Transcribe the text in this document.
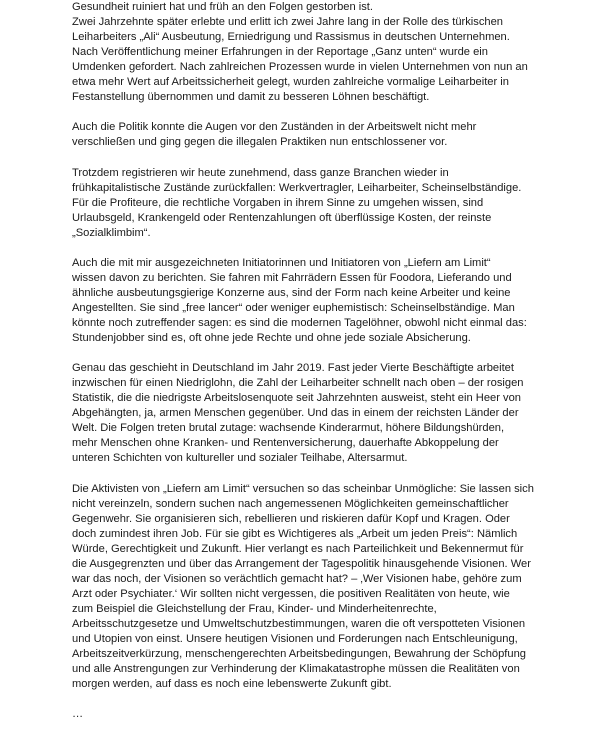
Gesundheit ruiniert hat und früh an den Folgen gestorben ist.
Zwei Jahrzehnte später erlebte und erlitt ich zwei Jahre lang in der Rolle des türkischen
Leiharbeiters „Ali“ Ausbeutung, Erniedrigung und Rassismus in deutschen Unternehmen.
Nach Veröffentlichung meiner Erfahrungen in der Reportage „Ganz unten“ wurde ein
Umdenken gefordert. Nach zahlreichen Prozessen wurde in vielen Unternehmen von nun an
etwa mehr Wert auf Arbeitssicherheit gelegt, wurden zahlreiche vormalige Leiharbeiter in
Festanstellung übernommen und damit zu besseren Löhnen beschäftigt.
Auch die Politik konnte die Augen vor den Zuständen in der Arbeitswelt nicht mehr
verschließen und ging gegen die illegalen Praktiken nun entschlossener vor.
Trotzdem registrieren wir heute zunehmend, dass ganze Branchen wieder in
frühkapitalistische Zustände zurückfallen: Werkvertragler, Leiharbeiter, Scheinselbständige.
Für die Profiteure, die rechtliche Vorgaben in ihrem Sinne zu umgehen wissen, sind
Urlaubsgeld, Krankengeld oder Rentenzahlungen oft überflüssige Kosten, der reinste
„Sozialklimbim“.
Auch die mit mir ausgezeichneten Initiatorinnen und Initiatoren von „Liefern am Limit“
wissen davon zu berichten. Sie fahren mit Fahrrädern Essen für Foodora, Lieferando und
ähnliche ausbeutungsgierige Konzerne aus, sind der Form nach keine Arbeiter und keine
Angestellten. Sie sind „free lancer“ oder weniger euphemistisch: Scheinselbständige. Man
könnte noch zutreffender sagen: es sind die modernen Tagelöhner, obwohl nicht einmal das:
Stundenjobber sind es, oft ohne jede Rechte und ohne jede soziale Absicherung.
Genau das geschieht in Deutschland im Jahr 2019. Fast jeder Vierte Beschäftigte arbeitet
inzwischen für einen Niedriglohn, die Zahl der Leiharbeiter schnellt nach oben – der rosigen
Statistik, die die niedrigste Arbeitslosenquote seit Jahrzehnten ausweist, steht ein Heer von
Abgehängten, ja, armen Menschen gegenüber. Und das in einem der reichsten Länder der
Welt. Die Folgen treten brutal zutage: wachsende Kinderarmut, höhere Bildungshürden,
mehr Menschen ohne Kranken- und Rentenversicherung, dauerhafte Abkoppelung der
unteren Schichten von kultureller und sozialer Teilhabe, Altersarmut.
Die Aktivisten von „Liefern am Limit“ versuchen so das scheinbar Unmögliche: Sie lassen sich
nicht vereinzeln, sondern suchen nach angemessenen Möglichkeiten gemeinschaftlicher
Gegenwehr. Sie organisieren sich, rebellieren und riskieren dafür Kopf und Kragen. Oder
doch zumindest ihren Job. Für sie gibt es Wichtigeres als „Arbeit um jeden Preis“: Nämlich
Würde, Gerechtigkeit und Zukunft. Hier verlangt es nach Parteilichkeit und Bekennermut für
die Ausgegrenzten und über das Arrangement der Tagespolitik hinausgehende Visionen. Wer
war das noch, der Visionen so verächtlich gemacht hat? – ‚Wer Visionen habe, gehöre zum
Arzt oder Psychiater.‘ Wir sollten nicht vergessen, die positiven Realitäten von heute, wie
zum Beispiel die Gleichstellung der Frau, Kinder- und Minderheitenrechte,
Arbeitsschutzgesetze und Umweltschutzbestimmungen, waren die oft verspotteten Visionen
und Utopien von einst. Unsere heutigen Visionen und Forderungen nach Entschleunigung,
Arbeitszeitverkürzung, menschengerechten Arbeitsbedingungen, Bewahrung der Schöpfung
und alle Anstrengungen zur Verhinderung der Klimakatastrophe müssen die Realitäten von
morgen werden, auf dass es noch eine lebenswerte Zukunft gibt.
…
